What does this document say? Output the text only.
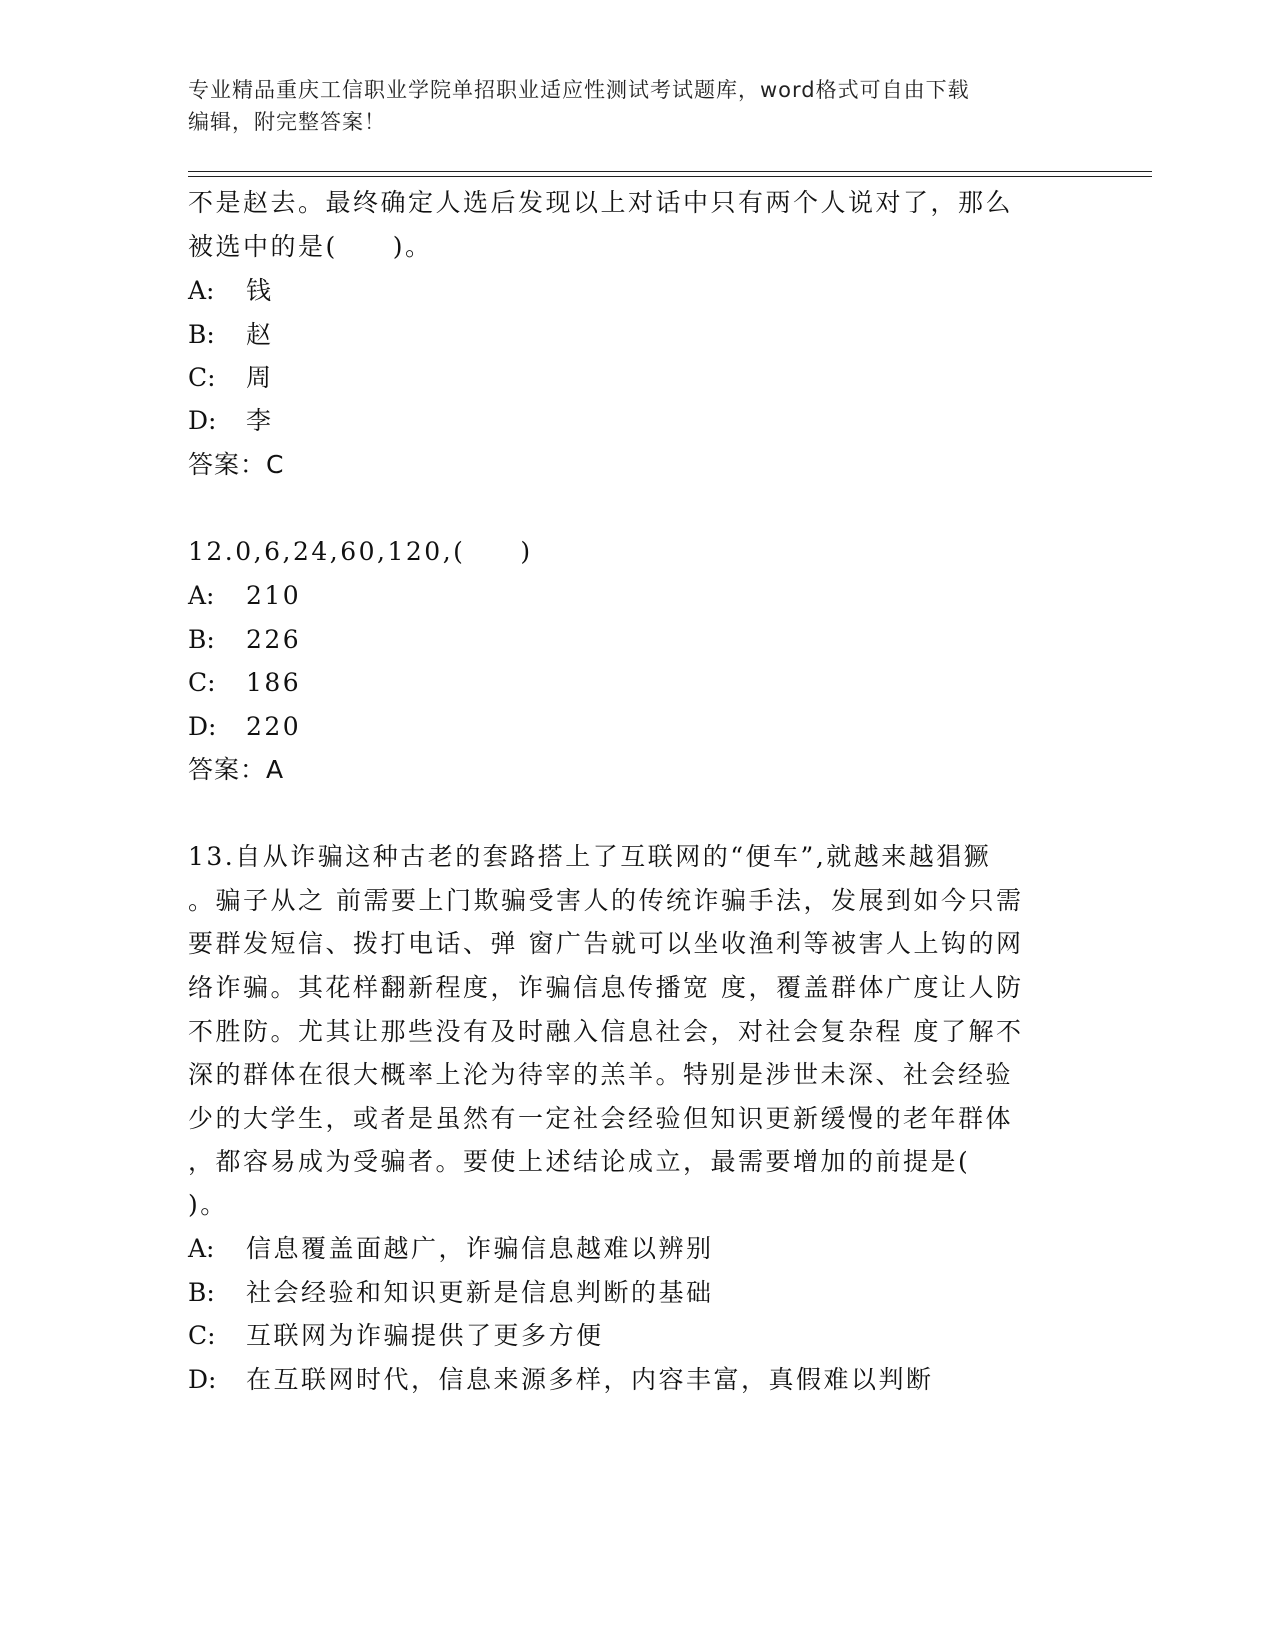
专业精品重庆工信职业学院单招职业适应性测试考试题库，word格式可自由下载
编辑，附完整答案！
不是赵去。最终确定人选后发现以上对话中只有两个人说对了，那么
被选中的是(　　)。
A: 钱
B: 赵
C: 周
D: 李
答案：C
12.0,6,24,60,120,(　　)
A: 210
B: 226
C: 186
D: 220
答案：A
13.自从诈骗这种古老的套路搭上了互联网的“便车”,就越来越猖獗
。骗子从之 前需要上门欺骗受害人的传统诈骗手法，发展到如今只需
要群发短信、拨打电话、弹 窗广告就可以坐收渔利等被害人上钩的网
络诈骗。其花样翻新程度，诈骗信息传播宽 度，覆盖群体广度让人防
不胜防。尤其让那些没有及时融入信息社会，对社会复杂程 度了解不
深的群体在很大概率上沦为待宰的羔羊。特别是涉世未深、社会经验
少的大学生，或者是虽然有一定社会经验但知识更新缓慢的老年群体
，都容易成为受骗者。要使上述结论成立，最需要增加的前提是(
)。
A: 信息覆盖面越广，诈骗信息越难以辨别
B: 社会经验和知识更新是信息判断的基础
C: 互联网为诈骗提供了更多方便
D: 在互联网时代，信息来源多样，内容丰富，真假难以判断
